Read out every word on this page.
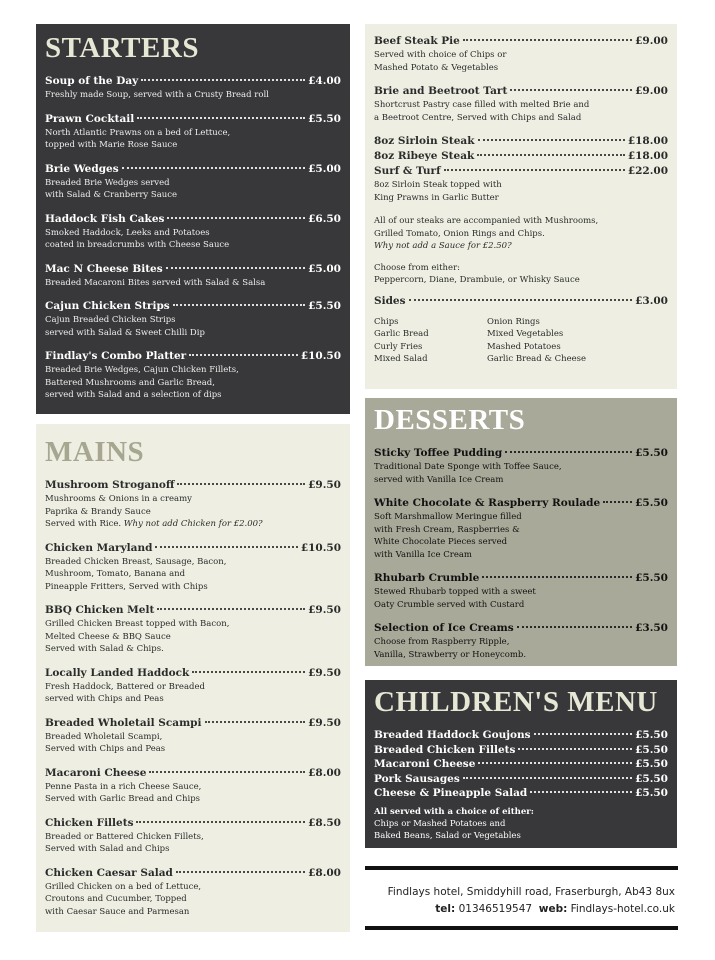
STARTERS
Soup of the Day	£4.00
Freshly made Soup, served with a Crusty Bread roll
Prawn Cocktail	£5.50
North Atlantic Prawns on a bed of Lettuce,
topped with Marie Rose Sauce
Brie Wedges	£5.00
Breaded Brie Wedges served
with Salad & Cranberry Sauce
Haddock Fish Cakes	£6.50
Smoked Haddock, Leeks and Potatoes
coated in breadcrumbs with Cheese Sauce
Mac N Cheese Bites	£5.00
Breaded Macaroni Bites served with Salad & Salsa
Cajun Chicken Strips	£5.50
Cajun Breaded Chicken Strips
served with Salad & Sweet Chilli Dip
Findlay's Combo Platter	£10.50
Breaded Brie Wedges, Cajun Chicken Fillets,
Battered Mushrooms and Garlic Bread,
served with Salad and a selection of dips
MAINS
Mushroom Stroganoff	£9.50
Mushrooms & Onions in a creamy
Paprika & Brandy Sauce
Served with Rice. Why not add Chicken for £2.00?
Chicken Maryland	£10.50
Breaded Chicken Breast, Sausage, Bacon,
Mushroom, Tomato, Banana and
Pineapple Fritters, Served with Chips
BBQ Chicken Melt	£9.50
Grilled Chicken Breast topped with Bacon,
Melted Cheese & BBQ Sauce
Served with Salad & Chips.
Locally Landed Haddock	£9.50
Fresh Haddock, Battered or Breaded
served with Chips and Peas
Breaded Wholetail Scampi	£9.50
Breaded Wholetail Scampi,
Served with Chips and Peas
Macaroni Cheese	£8.00
Penne Pasta in a rich Cheese Sauce,
Served with Garlic Bread and Chips
Chicken Fillets	£8.50
Breaded or Battered Chicken Fillets,
Served with Salad and Chips
Chicken Caesar Salad	£8.00
Grilled Chicken on a bed of Lettuce,
Croutons and Cucumber, Topped
with Caesar Sauce and Parmesan
Beef Steak Pie	£9.00
Served with choice of Chips or
Mashed Potato & Vegetables
Brie and Beetroot Tart	£9.00
Shortcrust Pastry case filled with melted Brie and
a Beetroot Centre, Served with Chips and Salad
8oz Sirloin Steak	£18.00
8oz Ribeye Steak	£18.00
Surf & Turf	£22.00
8oz Sirloin Steak topped with
King Prawns in Garlic Butter
All of our steaks are accompanied with Mushrooms,
Grilled Tomato, Onion Rings and Chips.
Why not add a Sauce for £2.50?
Choose from either:
Peppercorn, Diane, Drambuie, or Whisky Sauce
Sides	£3.00
Chips	Onion Rings
Garlic Bread	Mixed Vegetables
Curly Fries	Mashed Potatoes
Mixed Salad	Garlic Bread & Cheese
DESSERTS
Sticky Toffee Pudding	£5.50
Traditional Date Sponge with Toffee Sauce,
served with Vanilla Ice Cream
White Chocolate & Raspberry Roulade	£5.50
Soft Marshmallow Meringue filled
with Fresh Cream, Raspberries &
White Chocolate Pieces served
with Vanilla Ice Cream
Rhubarb Crumble	£5.50
Stewed Rhubarb topped with a sweet
Oaty Crumble served with Custard
Selection of Ice Creams	£3.50
Choose from Raspberry Ripple,
Vanilla, Strawberry or Honeycomb.
CHILDREN'S MENU
Breaded Haddock Goujons	£5.50
Breaded Chicken Fillets	£5.50
Macaroni Cheese	£5.50
Pork Sausages	£5.50
Cheese & Pineapple Salad	£5.50
All served with a choice of either:
Chips or Mashed Potatoes and
Baked Beans, Salad or Vegetables
Findlays hotel, Smiddyhill road, Fraserburgh, Ab43 8ux
tel: 01346519547 web: Findlays-hotel.co.uk
